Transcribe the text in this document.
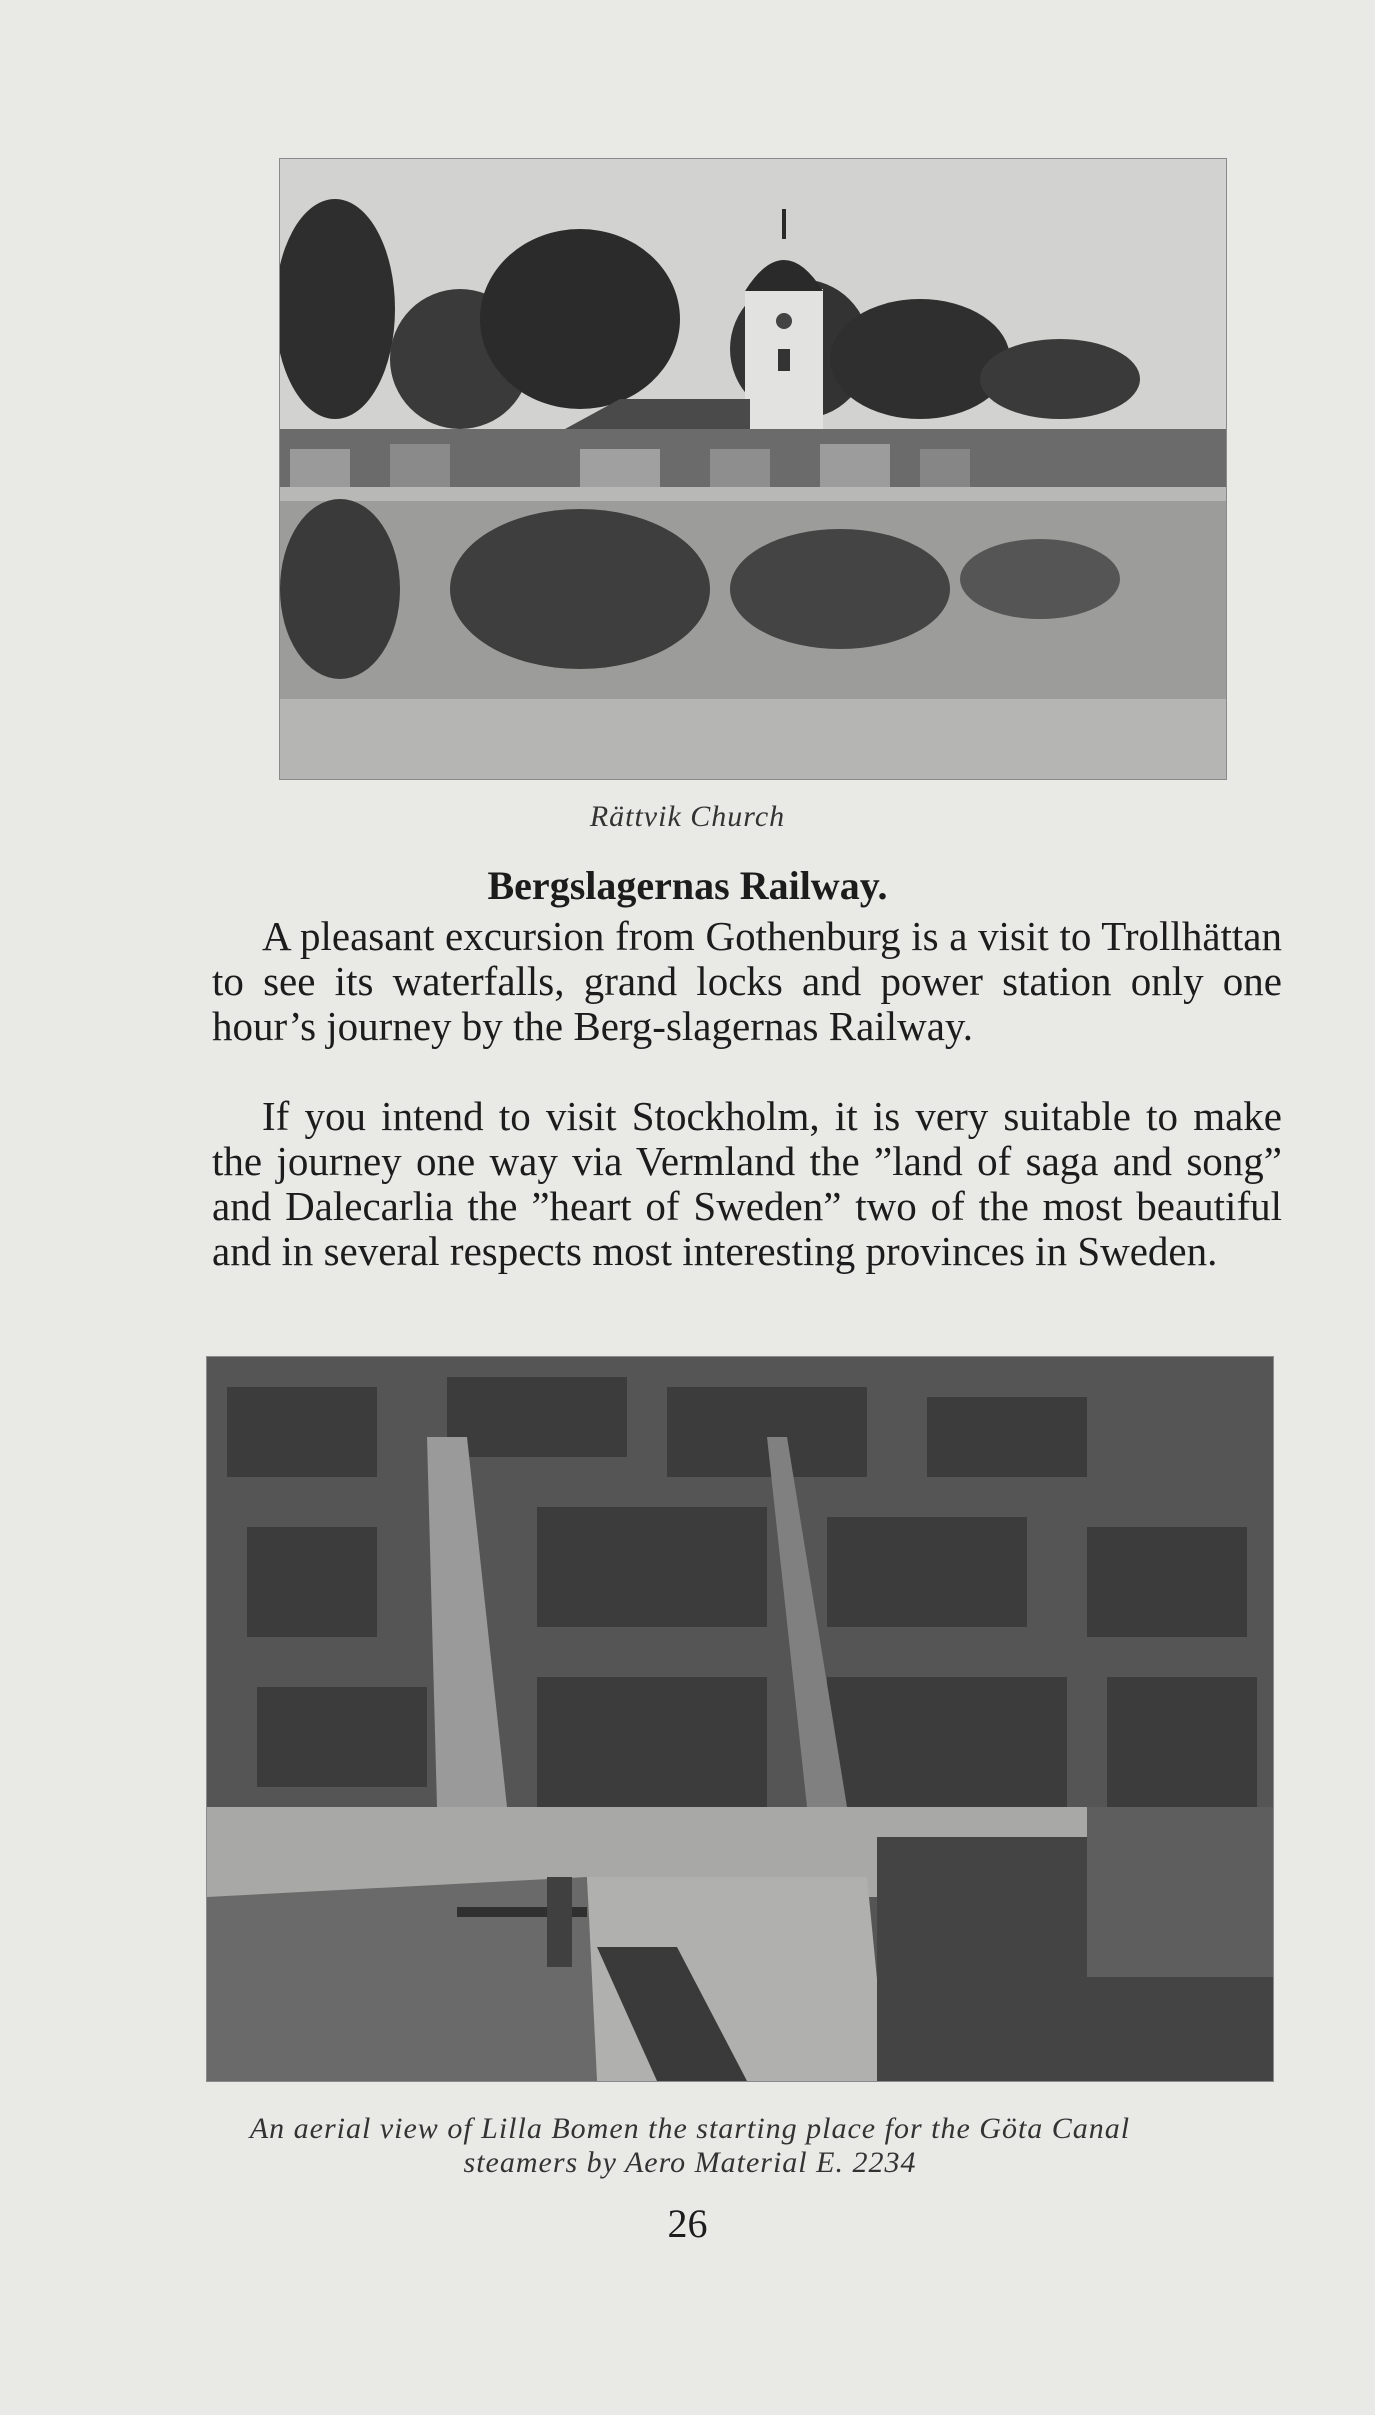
Rättvik Church
Bergslagernas Railway.
A pleasant excursion from Gothenburg is a visit to Trollhättan to see its waterfalls, grand locks and power station only one hour’s journey by the Berg-slagernas Railway.
If you intend to visit Stockholm, it is very suitable to make the journey one way via Vermland the ”land of saga and song” and Dalecarlia the ”heart of Sweden” two of the most beautiful and in several respects most interesting provinces in Sweden.
An aerial view of Lilla Bomen the starting place for the Göta Canal steamers by Aero Material E. 2234
26
